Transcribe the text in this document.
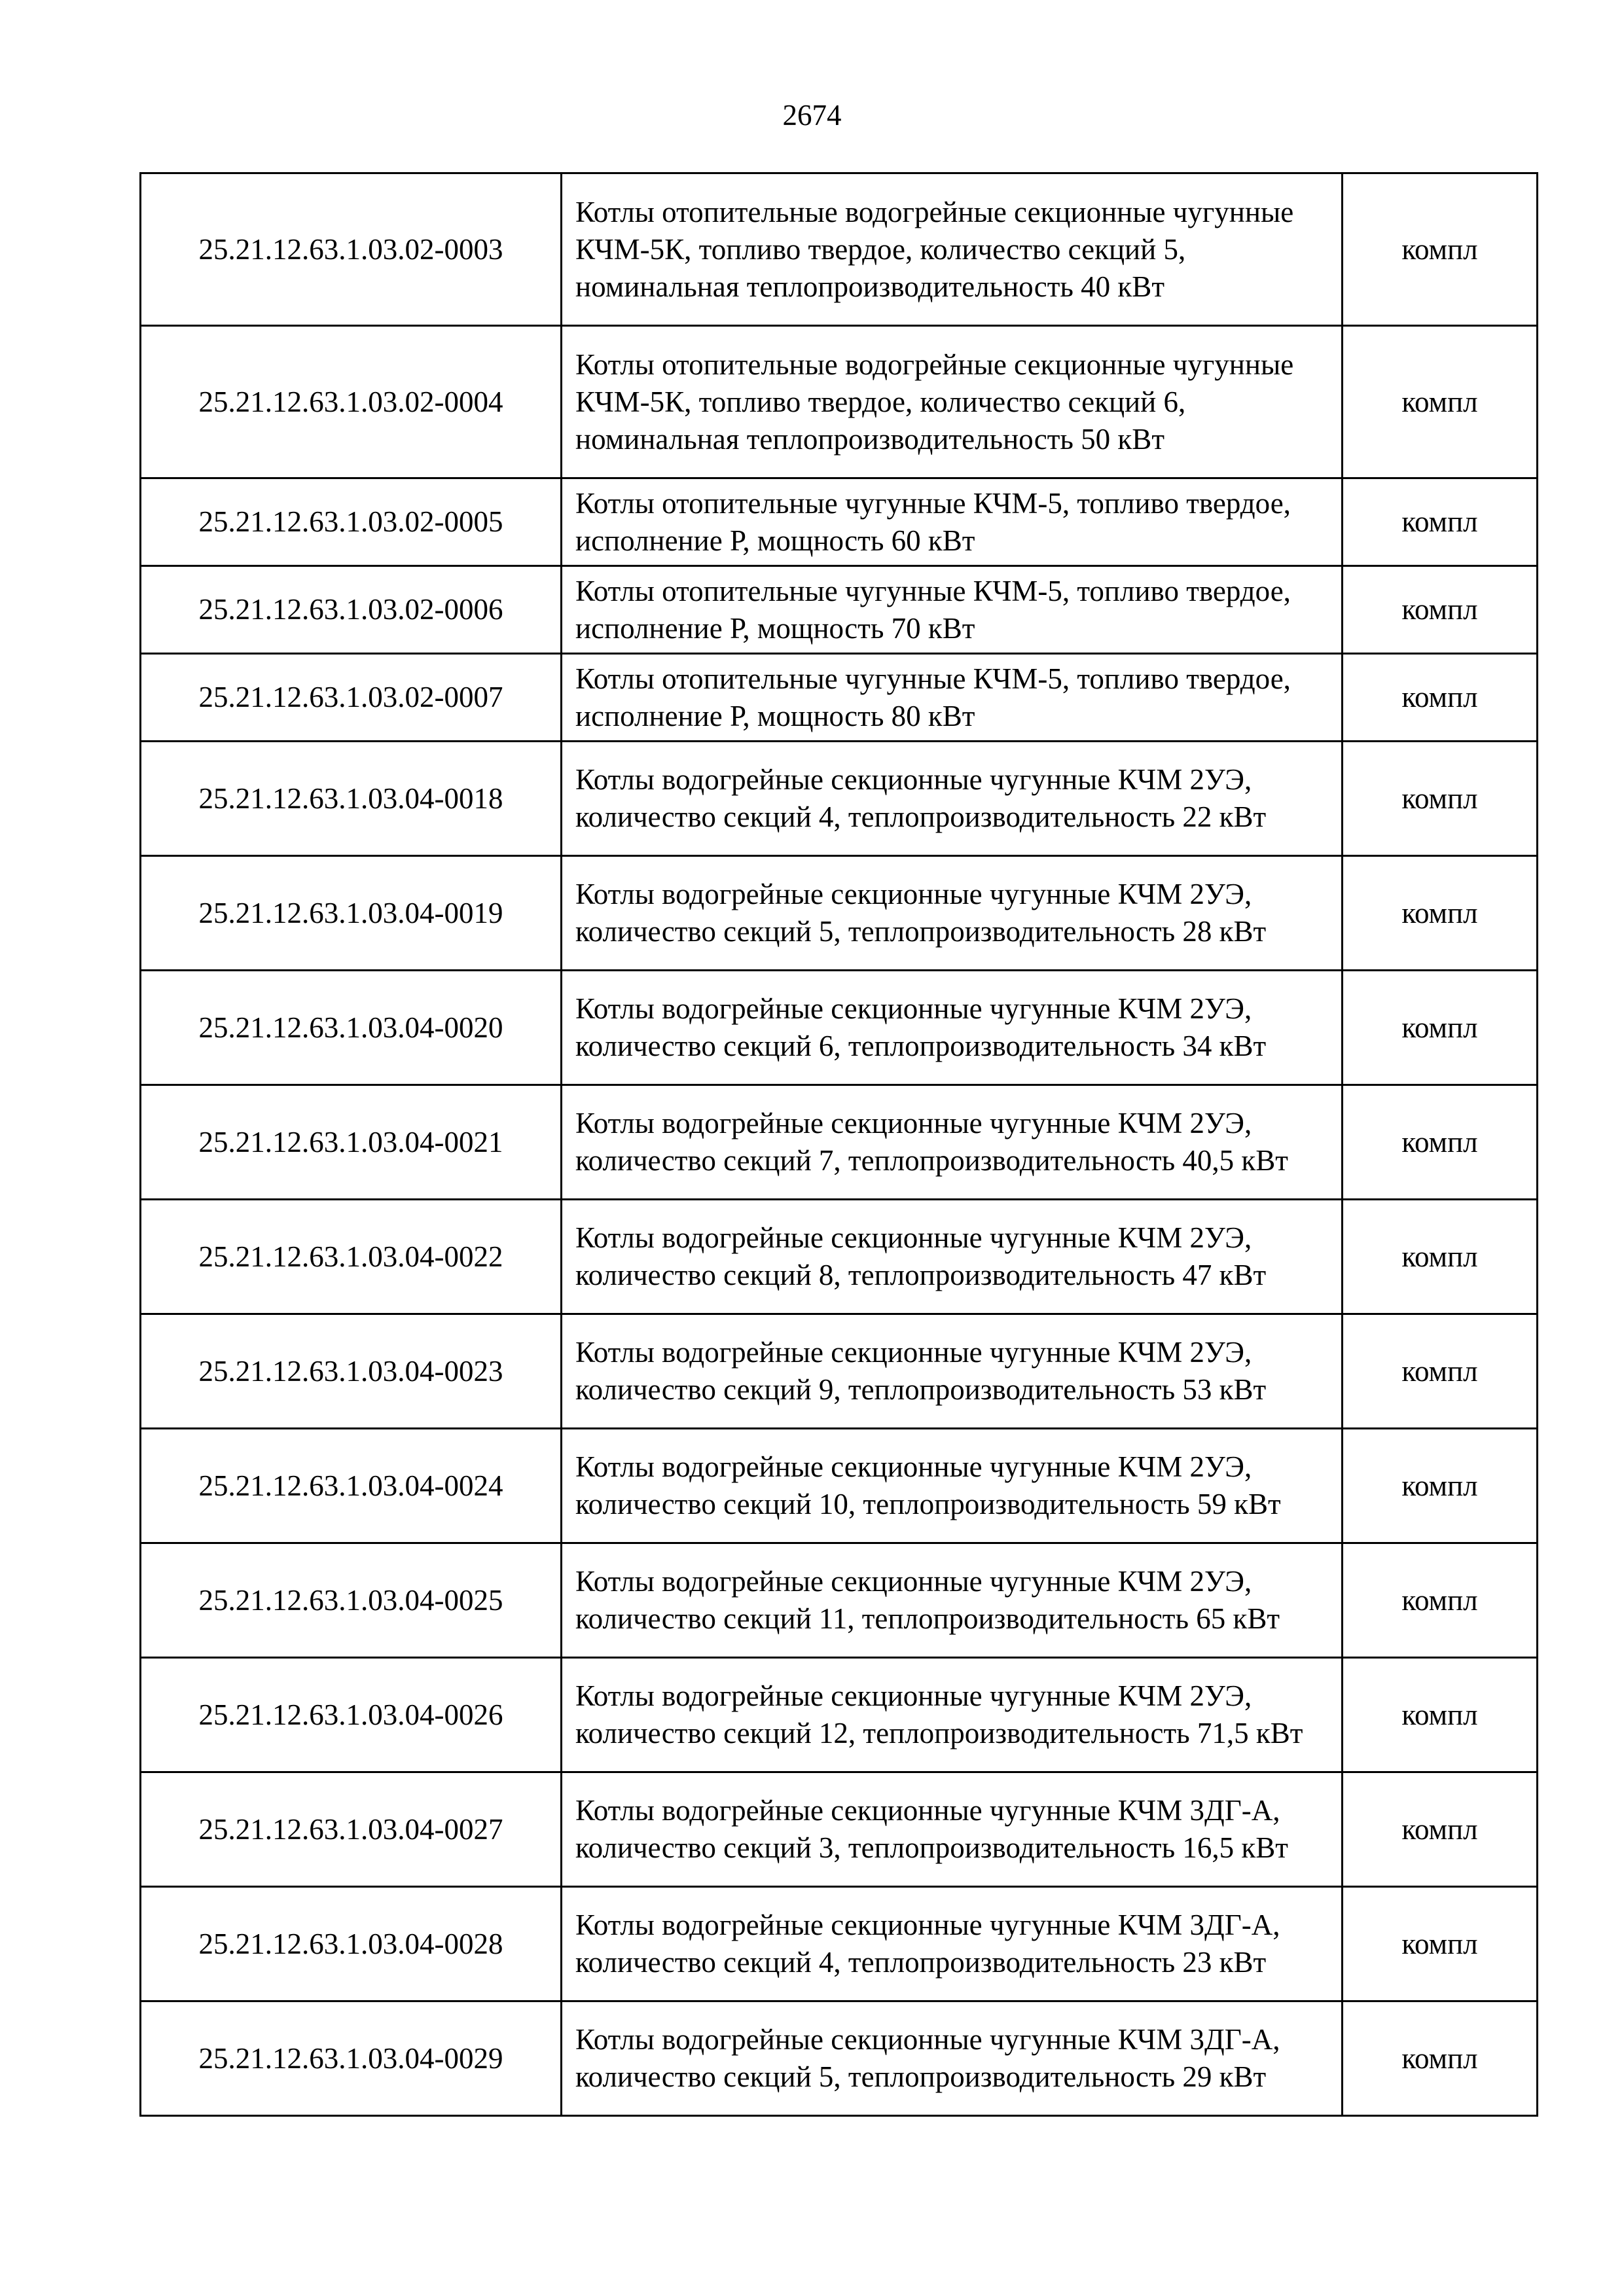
2674
25.21.12.63.1.03.02-0003	Котлы отопительные водогрейные секционные чугунные КЧМ-5К, топливо твердое, количество секций 5, номинальная теплопроизводительность 40 кВт	компл
25.21.12.63.1.03.02-0004	Котлы отопительные водогрейные секционные чугунные КЧМ-5К, топливо твердое, количество секций 6, номинальная теплопроизводительность 50 кВт	компл
25.21.12.63.1.03.02-0005	Котлы отопительные чугунные КЧМ-5, топливо твердое, исполнение Р, мощность 60 кВт	компл
25.21.12.63.1.03.02-0006	Котлы отопительные чугунные КЧМ-5, топливо твердое, исполнение Р, мощность 70 кВт	компл
25.21.12.63.1.03.02-0007	Котлы отопительные чугунные КЧМ-5, топливо твердое, исполнение Р, мощность 80 кВт	компл
25.21.12.63.1.03.04-0018	Котлы водогрейные секционные чугунные КЧМ 2УЭ, количество секций 4, теплопроизводительность 22 кВт	компл
25.21.12.63.1.03.04-0019	Котлы водогрейные секционные чугунные КЧМ 2УЭ, количество секций 5, теплопроизводительность 28 кВт	компл
25.21.12.63.1.03.04-0020	Котлы водогрейные секционные чугунные КЧМ 2УЭ, количество секций 6, теплопроизводительность 34 кВт	компл
25.21.12.63.1.03.04-0021	Котлы водогрейные секционные чугунные КЧМ 2УЭ, количество секций 7, теплопроизводительность 40,5 кВт	компл
25.21.12.63.1.03.04-0022	Котлы водогрейные секционные чугунные КЧМ 2УЭ, количество секций 8, теплопроизводительность 47 кВт	компл
25.21.12.63.1.03.04-0023	Котлы водогрейные секционные чугунные КЧМ 2УЭ, количество секций 9, теплопроизводительность 53 кВт	компл
25.21.12.63.1.03.04-0024	Котлы водогрейные секционные чугунные КЧМ 2УЭ, количество секций 10, теплопроизводительность 59 кВт	компл
25.21.12.63.1.03.04-0025	Котлы водогрейные секционные чугунные КЧМ 2УЭ, количество секций 11, теплопроизводительность 65 кВт	компл
25.21.12.63.1.03.04-0026	Котлы водогрейные секционные чугунные КЧМ 2УЭ, количество секций 12, теплопроизводительность 71,5 кВт	компл
25.21.12.63.1.03.04-0027	Котлы водогрейные секционные чугунные КЧМ 3ДГ-А, количество секций 3, теплопроизводительность 16,5 кВт	компл
25.21.12.63.1.03.04-0028	Котлы водогрейные секционные чугунные КЧМ 3ДГ-А, количество секций 4, теплопроизводительность 23 кВт	компл
25.21.12.63.1.03.04-0029	Котлы водогрейные секционные чугунные КЧМ 3ДГ-А, количество секций 5, теплопроизводительность 29 кВт	компл
